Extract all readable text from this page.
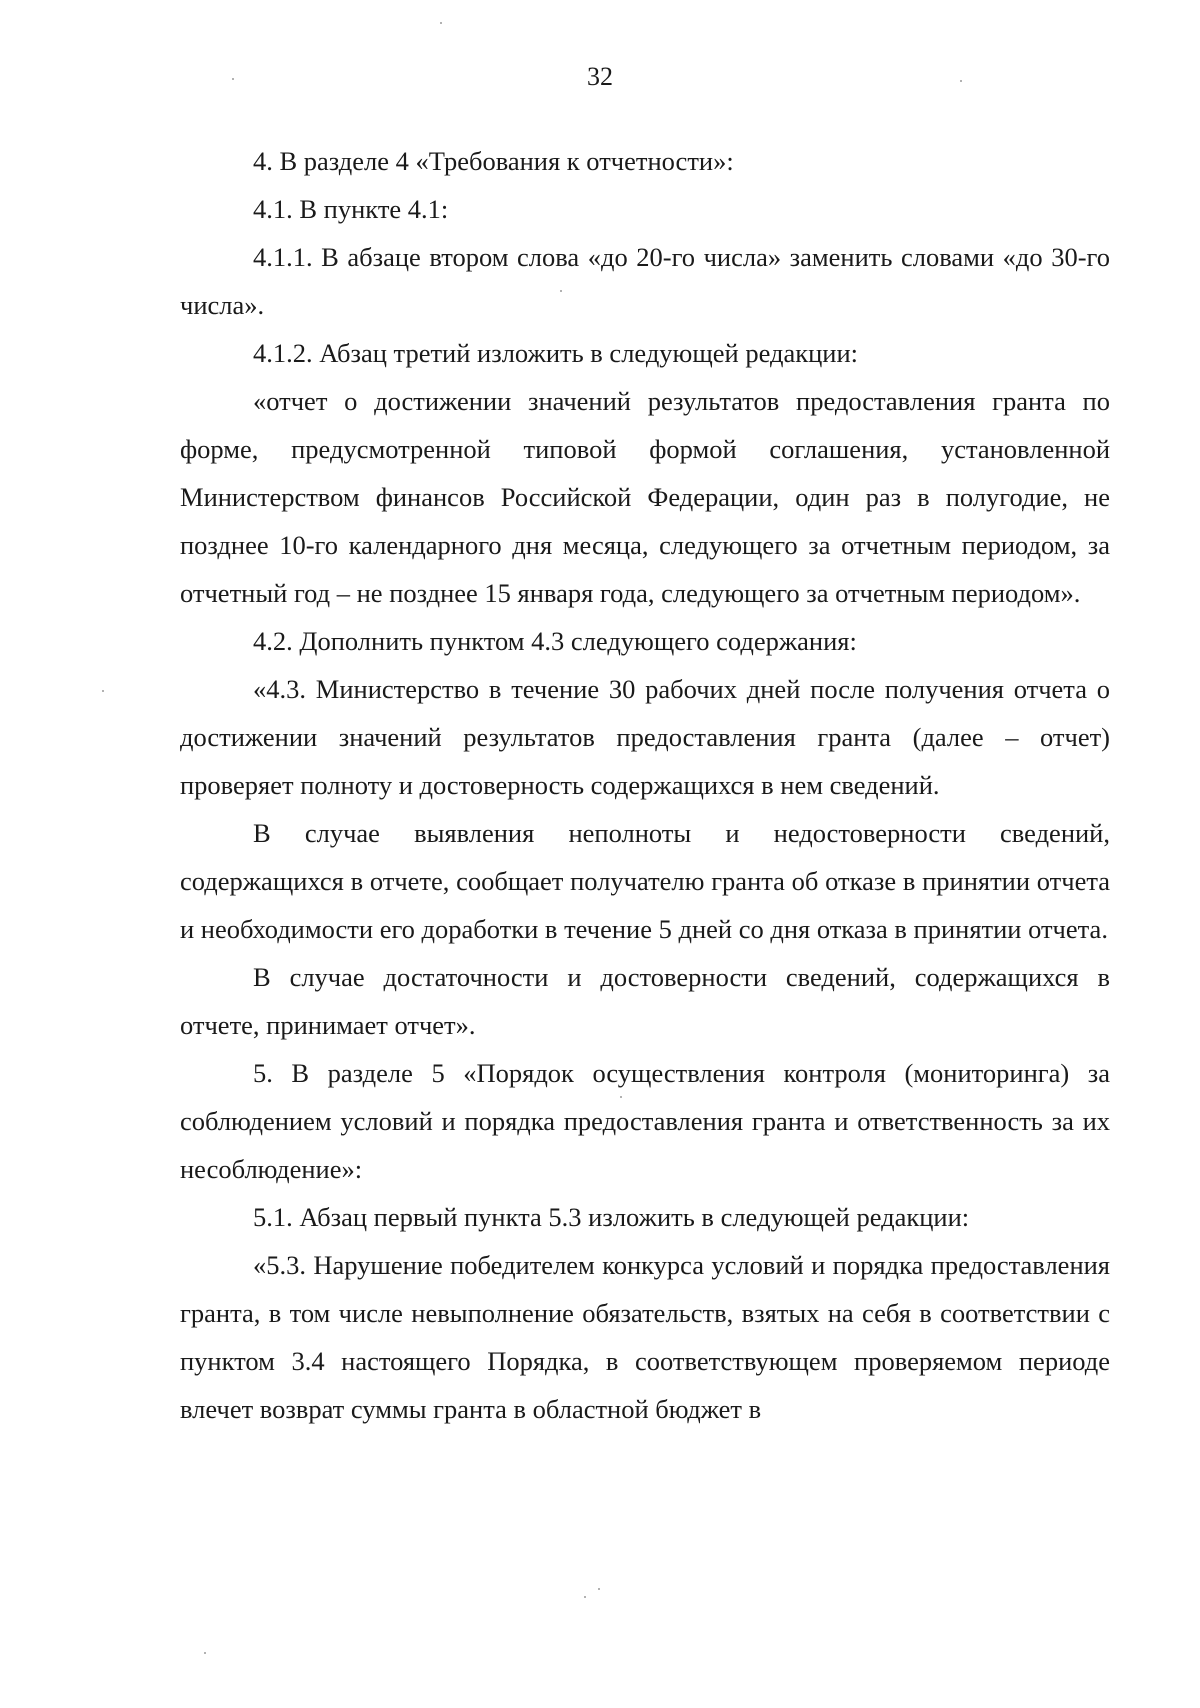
32

4. В разделе 4 «Требования к отчетности»:

4.1. В пункте 4.1:

4.1.1. В абзаце втором слова «до 20-го числа» заменить словами «до 30-го числа».

4.1.2. Абзац третий изложить в следующей редакции:

«отчет о достижении значений результатов предоставления гранта по форме, предусмотренной типовой формой соглашения, установленной Министерством финансов Российской Федерации, один раз в полугодие, не позднее 10-го календарного дня месяца, следующего за отчетным периодом, за отчетный год – не позднее 15 января года, следующего за отчетным периодом».

4.2. Дополнить пунктом 4.3 следующего содержания:

«4.3. Министерство в течение 30 рабочих дней после получения отчета о достижении значений результатов предоставления гранта (далее – отчет) проверяет полноту и достоверность содержащихся в нем сведений.

В случае выявления неполноты и недостоверности сведений, содержащихся в отчете, сообщает получателю гранта об отказе в принятии отчета и необходимости его доработки в течение 5 дней со дня отказа в принятии отчета.

В случае достаточности и достоверности сведений, содержащихся в отчете, принимает отчет».

5. В разделе 5 «Порядок осуществления контроля (мониторинга) за соблюдением условий и порядка предоставления гранта и ответственность за их несоблюдение»:

5.1. Абзац первый пункта 5.3 изложить в следующей редакции:

«5.3. Нарушение победителем конкурса условий и порядка предоставления гранта, в том числе невыполнение обязательств, взятых на себя в соответствии с пунктом 3.4 настоящего Порядка, в соответствующем проверяемом периоде влечет возврат суммы гранта в областной бюджет в
